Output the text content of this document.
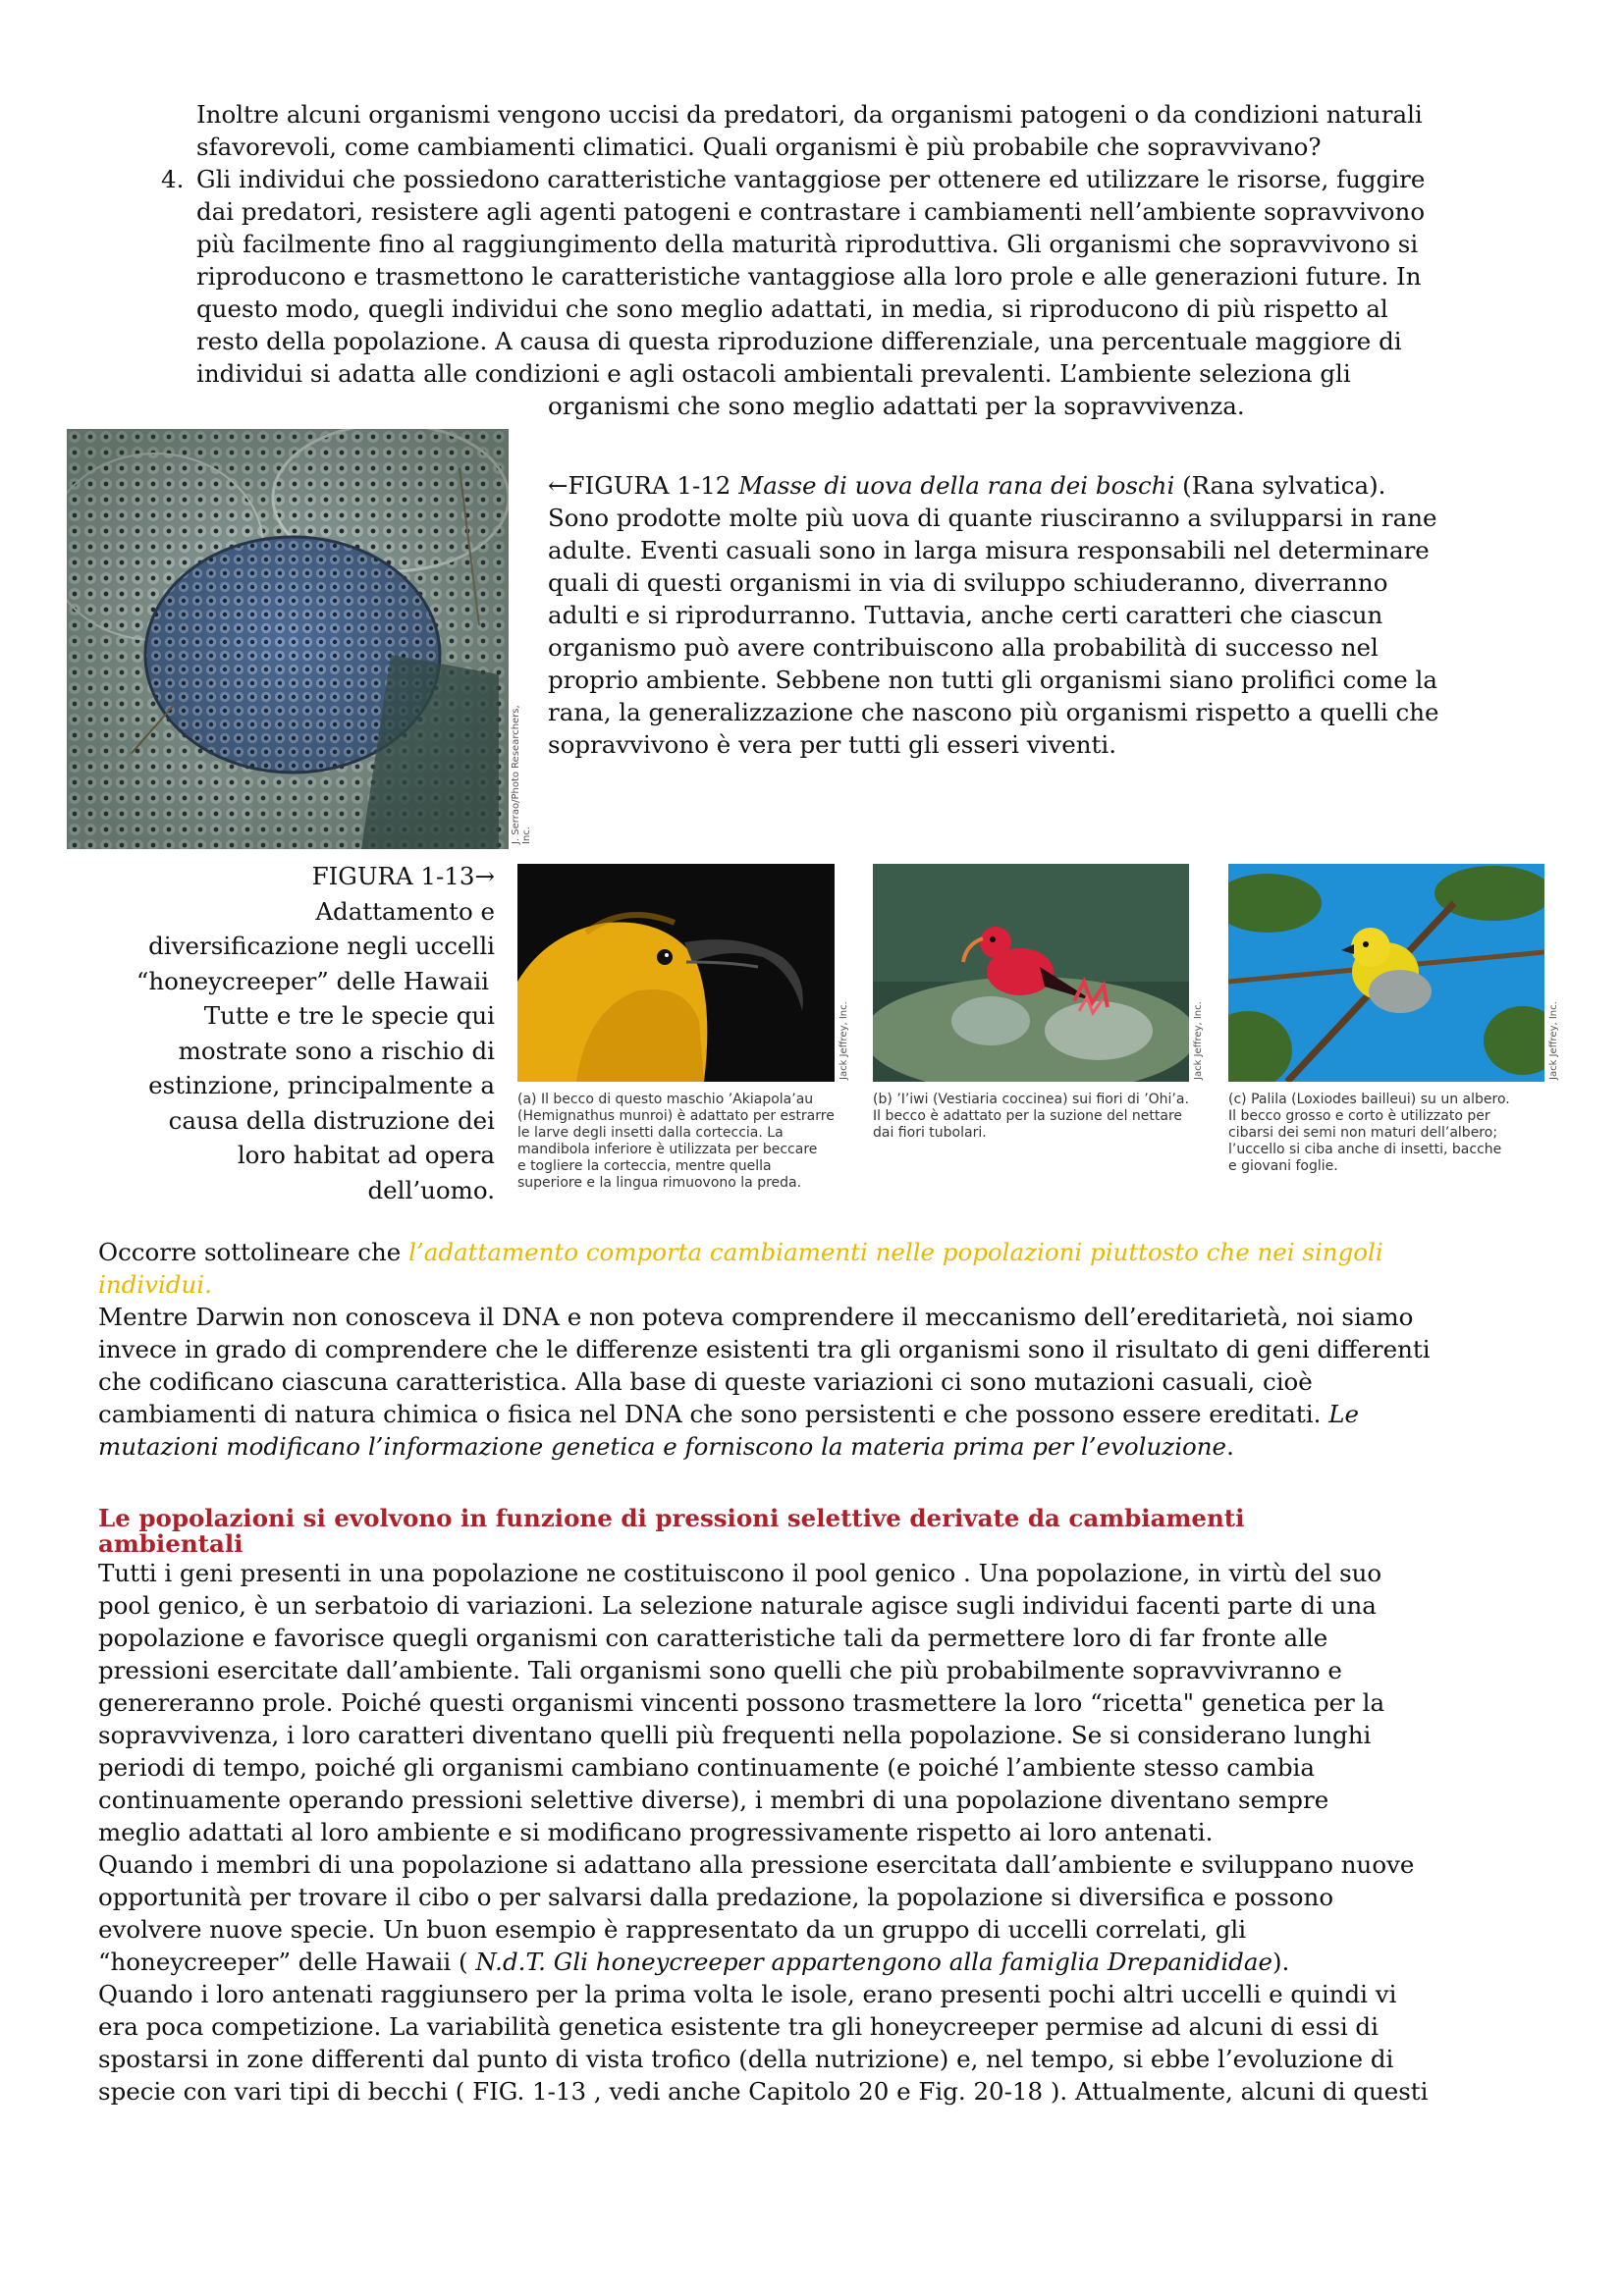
Inoltre alcuni organismi vengono uccisi da predatori, da organismi patogeni o da condizioni naturali
sfavorevoli, come cambiamenti climatici. Quali organismi è più probabile che sopravvivano?
4. Gli individui che possiedono caratteristiche vantaggiose per ottenere ed utilizzare le risorse, fuggire
dai predatori, resistere agli agenti patogeni e contrastare i cambiamenti nell’ambiente sopravvivono
più facilmente fino al raggiungimento della maturità riproduttiva. Gli organismi che sopravvivono si
riproducono e trasmettono le caratteristiche vantaggiose alla loro prole e alle generazioni future. In
questo modo, quegli individui che sono meglio adattati, in media, si riproducono di più rispetto al
resto della popolazione. A causa di questa riproduzione differenziale, una percentuale maggiore di
individui si adatta alle condizioni e agli ostacoli ambientali prevalenti. L’ambiente seleziona gli
organismi che sono meglio adattati per la sopravvivenza.
J. Serrao/Photo Researchers, Inc.
←FIGURA 1-12 Masse di uova della rana dei boschi (Rana sylvatica).
Sono prodotte molte più uova di quante riusciranno a svilupparsi in rane
adulte. Eventi casuali sono in larga misura responsabili nel determinare
quali di questi organismi in via di sviluppo schiuderanno, diverranno
adulti e si riprodurranno. Tuttavia, anche certi caratteri che ciascun
organismo può avere contribuiscono alla probabilità di successo nel
proprio ambiente. Sebbene non tutti gli organismi siano prolifici come la
rana, la generalizzazione che nascono più organismi rispetto a quelli che
sopravvivono è vera per tutti gli esseri viventi.
FIGURA 1-13→
Adattamento e
diversificazione negli uccelli
“honeycreeper” delle Hawaii
Tutte e tre le specie qui
mostrate sono a rischio di
estinzione, principalmente a
causa della distruzione dei
loro habitat ad opera
dell’uomo.
Jack Jeffrey, Inc.	Jack Jeffrey, Inc.	Jack Jeffrey, Inc.
(a) Il becco di questo maschio ’Akiapola’au
(Hemignathus munroi) è adattato per estrarre
le larve degli insetti dalla corteccia. La
mandibola inferiore è utilizzata per beccare
e togliere la corteccia, mentre quella
superiore e la lingua rimuovono la preda.
(b) ’I’iwi (Vestiaria coccinea) sui fiori di ’Ohi’a.
Il becco è adattato per la suzione del nettare
dai fiori tubolari.
(c) Palila (Loxiodes bailleui) su un albero.
Il becco grosso e corto è utilizzato per
cibarsi dei semi non maturi dell’albero;
l’uccello si ciba anche di insetti, bacche
e giovani foglie.
Occorre sottolineare che l’adattamento comporta cambiamenti nelle popolazioni piuttosto che nei singoli
individui.
Mentre Darwin non conosceva il DNA e non poteva comprendere il meccanismo dell’ereditarietà, noi siamo
invece in grado di comprendere che le differenze esistenti tra gli organismi sono il risultato di geni differenti
che codificano ciascuna caratteristica. Alla base di queste variazioni ci sono mutazioni casuali, cioè
cambiamenti di natura chimica o fisica nel DNA che sono persistenti e che possono essere ereditati. Le
mutazioni modificano l’informazione genetica e forniscono la materia prima per l’evoluzione.
Le popolazioni si evolvono in funzione di pressioni selettive derivate da cambiamenti
ambientali
Tutti i geni presenti in una popolazione ne costituiscono il pool genico . Una popolazione, in virtù del suo
pool genico, è un serbatoio di variazioni. La selezione naturale agisce sugli individui facenti parte di una
popolazione e favorisce quegli organismi con caratteristiche tali da permettere loro di far fronte alle
pressioni esercitate dall’ambiente. Tali organismi sono quelli che più probabilmente sopravvivranno e
genereranno prole. Poiché questi organismi vincenti possono trasmettere la loro “ricetta" genetica per la
sopravvivenza, i loro caratteri diventano quelli più frequenti nella popolazione. Se si considerano lunghi
periodi di tempo, poiché gli organismi cambiano continuamente (e poiché l’ambiente stesso cambia
continuamente operando pressioni selettive diverse), i membri di una popolazione diventano sempre
meglio adattati al loro ambiente e si modificano progressivamente rispetto ai loro antenati.
Quando i membri di una popolazione si adattano alla pressione esercitata dall’ambiente e sviluppano nuove
opportunità per trovare il cibo o per salvarsi dalla predazione, la popolazione si diversifica e possono
evolvere nuove specie. Un buon esempio è rappresentato da un gruppo di uccelli correlati, gli
“honeycreeper” delle Hawaii ( N.d.T. Gli honeycreeper appartengono alla famiglia Drepanididae).
Quando i loro antenati raggiunsero per la prima volta le isole, erano presenti pochi altri uccelli e quindi vi
era poca competizione. La variabilità genetica esistente tra gli honeycreeper permise ad alcuni di essi di
spostarsi in zone differenti dal punto di vista trofico (della nutrizione) e, nel tempo, si ebbe l’evoluzione di
specie con vari tipi di becchi ( FIG. 1-13 , vedi anche Capitolo 20 e Fig. 20-18 ). Attualmente, alcuni di questi
